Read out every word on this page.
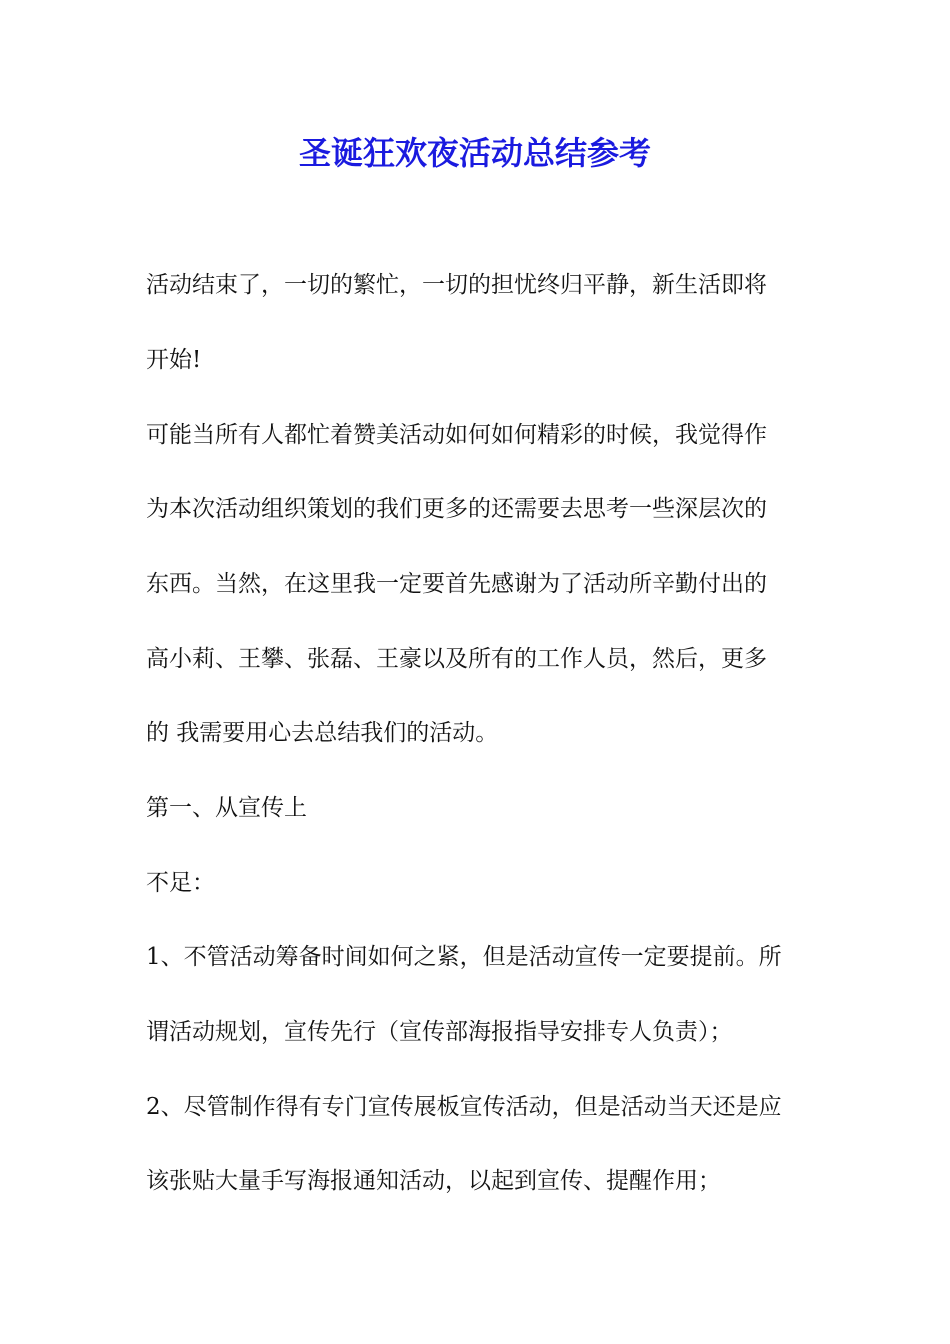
圣诞狂欢夜活动总结参考

活动结束了，一切的繁忙，一切的担忧终归平静，新生活即将

开始!

可能当所有人都忙着赞美活动如何如何精彩的时候，我觉得作

为本次活动组织策划的我们更多的还需要去思考一些深层次的

东西。当然，在这里我一定要首先感谢为了活动所辛勤付出的

高小莉、王攀、张磊、王豪以及所有的工作人员，然后，更多

的 我需要用心去总结我们的活动。

第一、从宣传上

不足：

1、不管活动筹备时间如何之紧，但是活动宣传一定要提前。所

谓活动规划，宣传先行（宣传部海报指导安排专人负责）；

2、尽管制作得有专门宣传展板宣传活动，但是活动当天还是应

该张贴大量手写海报通知活动，以起到宣传、提醒作用；
